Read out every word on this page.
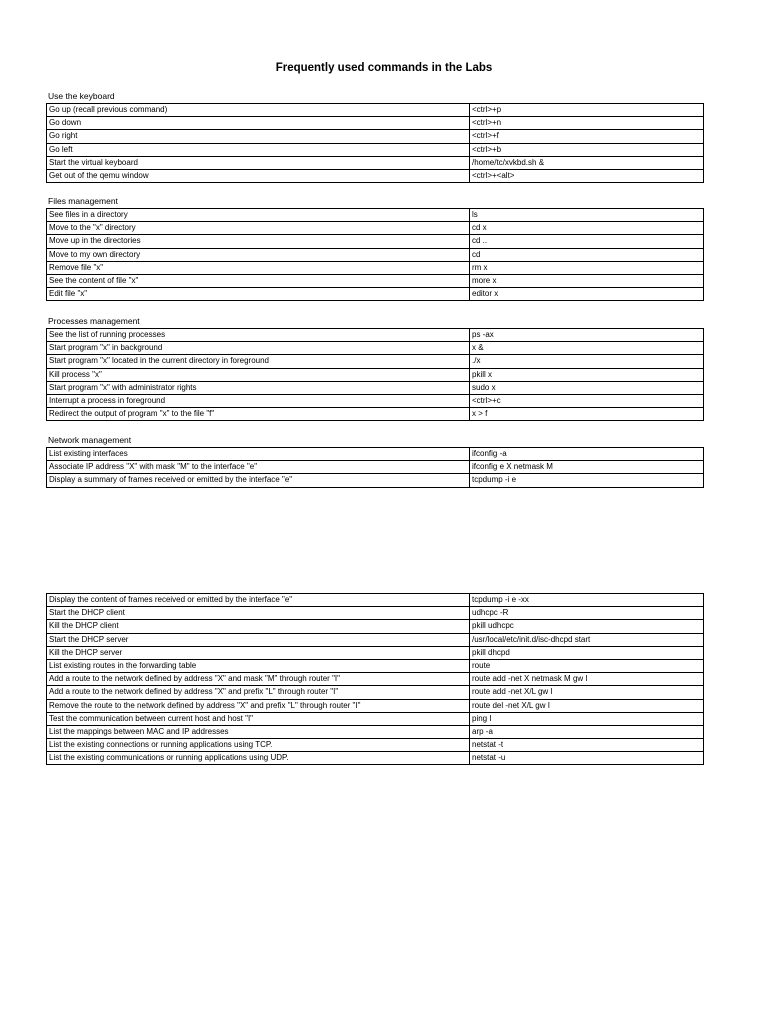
Frequently used commands in the Labs
Use the keyboard
Go up (recall previous command)	<ctrl>+p
Go down	<ctrl>+n
Go right	<ctrl>+f
Go left	<ctrl>+b
Start the virtual keyboard	/home/tc/xvkbd.sh &
Get out of the qemu window	<ctrl>+<alt>
Files management
See files in a directory	ls
Move to the "x" directory	cd x
Move up in the directories	cd ..
Move to my own directory	cd
Remove file "x"	rm x
See the content of file "x"	more x
Edit file "x"	editor x
Processes management
See the list of running processes	ps -ax
Start program "x" in background	x &
Start program "x" located in the current directory in foreground	./x
Kill process "x"	pkill x
Start program "x" with administrator rights	sudo x
Interrupt a process in foreground	<ctrl>+c
Redirect the output of program "x" to the file "f"	x > f
Network management
List existing interfaces	ifconfig -a
Associate IP address "X" with mask "M" to the interface "e"	ifconfig e X netmask M
Display a summary of frames received or emitted by the interface "e"	tcpdump -i e
Display the content of frames received or emitted by the interface "e"	tcpdump -i e -xx
Start the DHCP client	udhcpc -R
Kill the DHCP client	pkill udhcpc
Start the DHCP server	/usr/local/etc/init.d/isc-dhcpd start
Kill the DHCP server	pkill dhcpd
List existing routes in the forwarding table	route
Add a route to the network defined by address "X" and mask "M" through router "I"	route add -net X netmask M gw I
Add a route to the network defined by address "X" and prefix "L" through router "I"	route add -net X/L gw I
Remove the route to the network defined by address "X" and prefix "L" through router "I"	route del -net X/L gw I
Test the communication between current host and host "I"	ping I
List the mappings between MAC and IP addresses	arp -a
List the existing connections or running applications using TCP.	netstat -t
List the existing communications or running applications using UDP.	netstat -u
